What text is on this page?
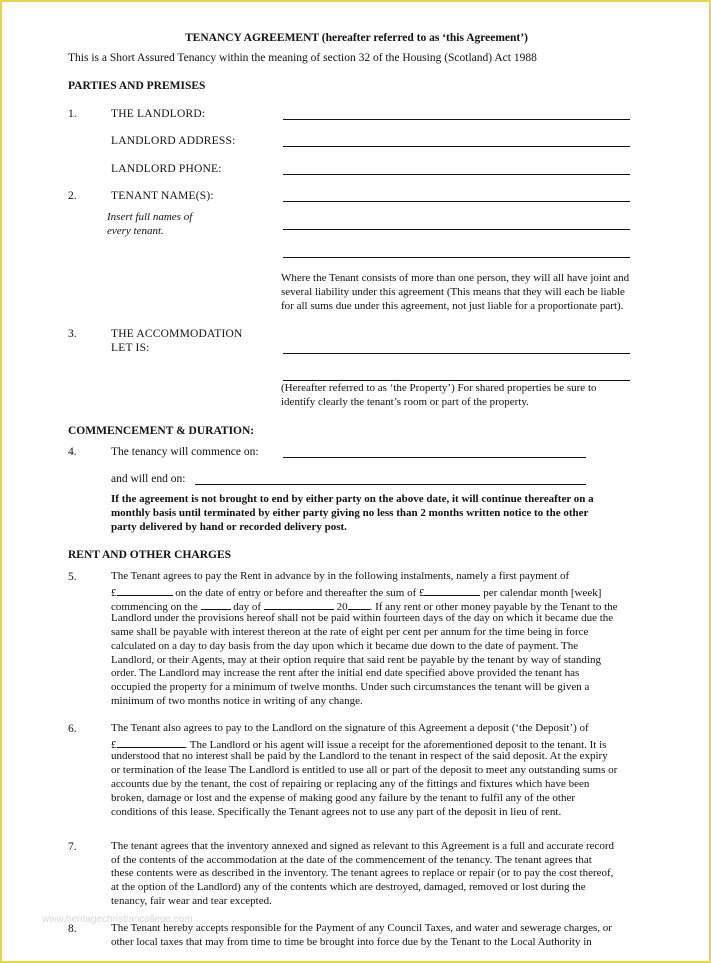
TENANCY AGREEMENT (hereafter referred to as ‘this Agreement’)
This is a Short Assured Tenancy within the meaning of section 32 of the Housing (Scotland) Act 1988
PARTIES AND PREMISES
1.	THE LANDLORD:
LANDLORD ADDRESS:
LANDLORD PHONE:
2.	TENANT NAME(S):
Insert full names of
every tenant.
Where the Tenant consists of more than one person, they will all have joint and
several liability under this agreement (This means that they will each be liable
for all sums due under this agreement, not just liable for a proportionate part).
3.	THE ACCOMMODATION
LET IS:
(Hereafter referred to as ‘the Property’) For shared properties be sure to
identify clearly the tenant’s room or part of the property.
COMMENCEMENT & DURATION:
4.	The tenancy will commence on:
and will end on:
If the agreement is not brought to end by either party on the above date, it will continue thereafter on a
monthly basis until terminated by either party giving no less than 2 months written notice to the other
party delivered by hand or recorded delivery post.
RENT AND OTHER CHARGES
5.	The Tenant agrees to pay the Rent in advance by in the following instalments, namely a first payment of
£	on the date of entry or before and thereafter the sum of £	per calendar month [week]
commencing on the	day of	20 . If any rent or other money payable by the Tenant to the
Landlord under the provisions hereof shall not be paid within fourteen days of the day on which it became due the
same shall be payable with interest thereon at the rate of eight per cent per annum for the time being in force
calculated on a day to day basis from the day upon which it became due down to the date of payment. The
Landlord, or their Agents, may at their option require that said rent be payable by the tenant by way of standing
order. The Landlord may increase the rent after the initial end date specified above provided the tenant has
occupied the property for a minimum of twelve months. Under such circumstances the tenant will be given a
minimum of two months notice in writing of any change.
6.	The Tenant also agrees to pay to the Landlord on the signature of this Agreement a deposit (‘the Deposit’) of
£	. The Landlord or his agent will issue a receipt for the aforementioned deposit to the tenant. It is
understood that no interest shall be paid by the Landlord to the tenant in respect of the said deposit. At the expiry
or termination of the lease The Landlord is entitled to use all or part of the deposit to meet any outstanding sums or
accounts due by the tenant, the cost of repairing or replacing any of the fittings and fixtures which have been
broken, damage or lost and the expense of making good any failure by the tenant to fulfil any of the other
conditions of this lease. Specifically the Tenant agrees not to use any part of the deposit in lieu of rent.
7.	The tenant agrees that the inventory annexed and signed as relevant to this Agreement is a full and accurate record
of the contents of the accommodation at the date of the commencement of the tenancy. The tenant agrees that
these contents were as described in the inventory. The tenant agrees to replace or repair (or to pay the cost thereof,
at the option of the Landlord) any of the contents which are destroyed, damaged, removed or lost during the
tenancy, fair wear and tear excepted.
www.heritagechristiancollege.com
8.	The Tenant hereby accepts responsible for the Payment of any Council Taxes, and water and sewerage charges, or
other local taxes that may from time to time be brought into force due by the Tenant to the Local Authority in
